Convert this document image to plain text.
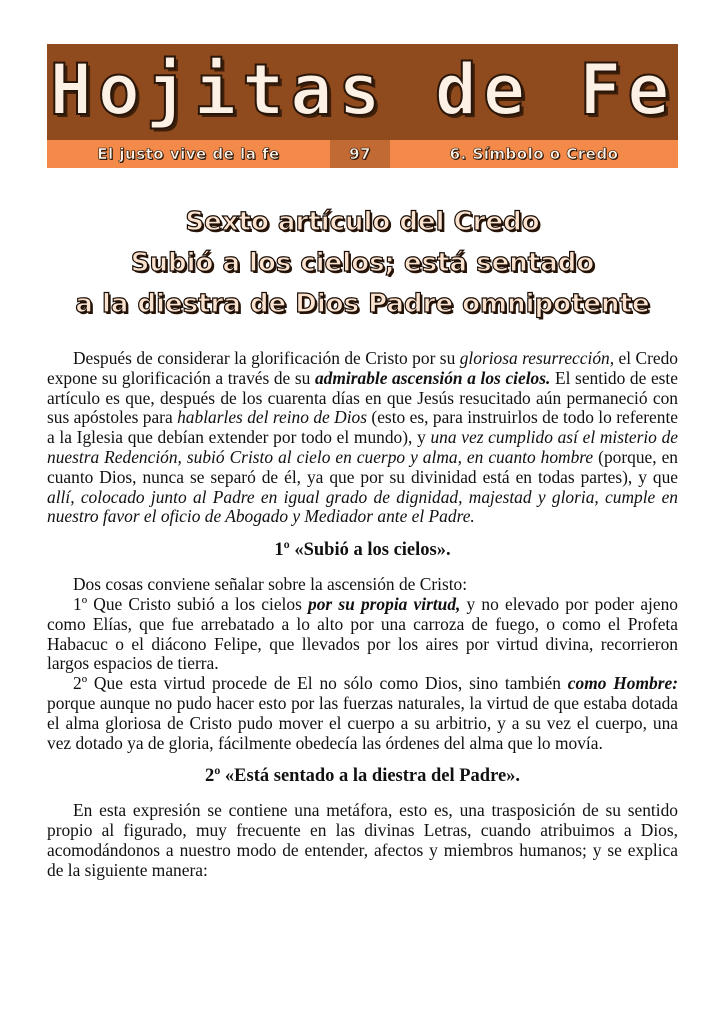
Hojitas de Fe
El justo vive de la fe	97	6. Símbolo o Credo
Sexto artículo del Credo
Subió a los cielos; está sentado
a la diestra de Dios Padre omnipotente

Después de considerar la glorificación de Cristo por su gloriosa resurrección, el Credo expone su glorificación a través de su admirable ascensión a los cielos. El sentido de este artículo es que, después de los cuarenta días en que Jesús resucitado aún permaneció con sus apóstoles para hablarles del reino de Dios (esto es, para instruirlos de todo lo referente a la Iglesia que debían extender por todo el mundo), y una vez cumplido así el misterio de nuestra Redención, subió Cristo al cielo en cuerpo y alma, en cuanto hombre (porque, en cuanto Dios, nunca se separó de él, ya que por su divinidad está en todas partes), y que allí, colocado junto al Padre en igual grado de dignidad, majestad y gloria, cumple en nuestro favor el oficio de Abogado y Mediador ante el Padre.

1º «Subió a los cielos».

Dos cosas conviene señalar sobre la ascensión de Cristo:

1º Que Cristo subió a los cielos por su propia virtud, y no elevado por poder ajeno como Elías, que fue arrebatado a lo alto por una carroza de fuego, o como el Profeta Habacuc o el diácono Felipe, que llevados por los aires por virtud divina, recorrieron largos espacios de tierra.

2º Que esta virtud procede de El no sólo como Dios, sino también como Hombre: porque aunque no pudo hacer esto por las fuerzas naturales, la virtud de que estaba dotada el alma gloriosa de Cristo pudo mover el cuerpo a su arbitrio, y a su vez el cuerpo, una vez dotado ya de gloria, fácilmente obedecía las órdenes del alma que lo movía.

2º «Está sentado a la diestra del Padre».

En esta expresión se contiene una metáfora, esto es, una trasposición de su sentido propio al figurado, muy frecuente en las divinas Letras, cuando atribuimos a Dios, acomodándonos a nuestro modo de entender, afectos y miembros humanos; y se explica de la siguiente manera:
